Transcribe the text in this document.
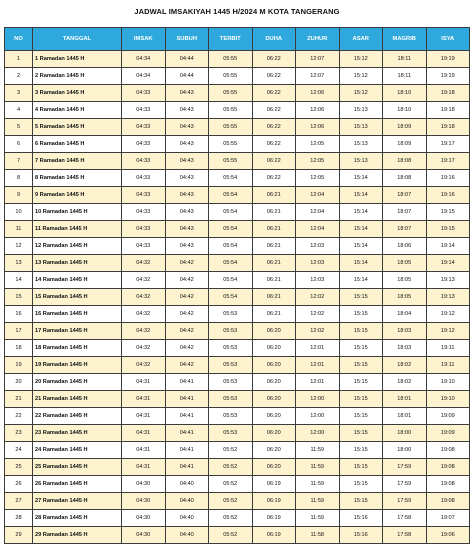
JADWAL IMSAKIYAH 1445 H/2024 M KOTA TANGERANG
NO	TANGGAL	IMSAK	SUBUH	TERBIT	DUHA	ZUHUR	ASAR	MAGRIB	ISYA
1	1 Ramadan 1445 H	04:34	04:44	05:55	06:22	12:07	15:12	18:11	19:19
2	2 Ramadan 1445 H	04:34	04:44	05:55	06:22	12:07	15:12	18:11	19:19
3	3 Ramadan 1445 H	04:33	04:43	05:55	06:22	12:06	15:12	18:10	19:18
4	4 Ramadan 1445 H	04:33	04:43	05:55	06:22	12:06	15:13	18:10	19:18
5	5 Ramadan 1445 H	04:33	04:43	05:55	06:22	12:06	15:13	18:09	19:18
6	6 Ramadan 1445 H	04:33	04:43	05:55	06:22	12:05	15:13	18:09	19:17
7	7 Ramadan 1445 H	04:33	04:43	05:55	06:22	12:05	15:13	18:08	19:17
8	8 Ramadan 1445 H	04:33	04:43	05:54	06:22	12:05	15:14	18:08	19:16
9	9 Ramadan 1445 H	04:33	04:43	05:54	06:21	12:04	15:14	18:07	19:16
10	10 Ramadan 1445 H	04:33	04:43	05:54	06:21	12:04	15:14	18:07	19:15
11	11 Ramadan 1445 H	04:33	04:43	05:54	06:21	12:04	15:14	18:07	19:15
12	12 Ramadan 1445 H	04:33	04:43	05:54	06:21	12:03	15:14	18:06	19:14
13	13 Ramadan 1445 H	04:32	04:42	05:54	06:21	12:03	15:14	18:05	19:14
14	14 Ramadan 1445 H	04:32	04:42	05:54	06:21	12:03	15:14	18:05	19:13
15	15 Ramadan 1445 H	04:32	04:42	05:54	06:21	12:02	15:15	18:05	19:13
16	16 Ramadan 1445 H	04:32	04:42	05:53	06:21	12:02	15:15	18:04	19:12
17	17 Ramadan 1445 H	04:32	04:42	05:53	06:20	12:02	15:15	18:03	19:12
18	18 Ramadan 1445 H	04:32	04:42	05:53	06:20	12:01	15:15	18:03	19:11
19	19 Ramadan 1445 H	04:32	04:42	05:53	06:20	12:01	15:15	18:02	19:11
20	20 Ramadan 1445 H	04:31	04:41	05:53	06:20	12:01	15:15	18:02	19:10
21	21 Ramadan 1445 H	04:31	04:41	05:53	06:20	12:00	15:15	18:01	19:10
22	22 Ramadan 1445 H	04:31	04:41	05:53	06:20	12:00	15:15	18:01	19:09
23	23 Ramadan 1445 H	04:31	04:41	05:53	06:20	12:00	15:15	18:00	19:09
24	24 Ramadan 1445 H	04:31	04:41	05:52	06:20	11:59	15:15	18:00	19:08
25	25 Ramadan 1445 H	04:31	04:41	05:52	06:20	11:59	15:15	17:59	19:08
26	26 Ramadan 1445 H	04:30	04:40	05:52	06:19	11:59	15:15	17:59	19:08
27	27 Ramadan 1445 H	04:30	04:40	05:52	06:19	11:59	15:15	17:59	19:08
28	28 Ramadan 1445 H	04:30	04:40	05:52	06:19	11:59	15:16	17:58	19:07
29	29 Ramadan 1445 H	04:30	04:40	05:52	06:19	11:58	15:16	17:58	19:06
